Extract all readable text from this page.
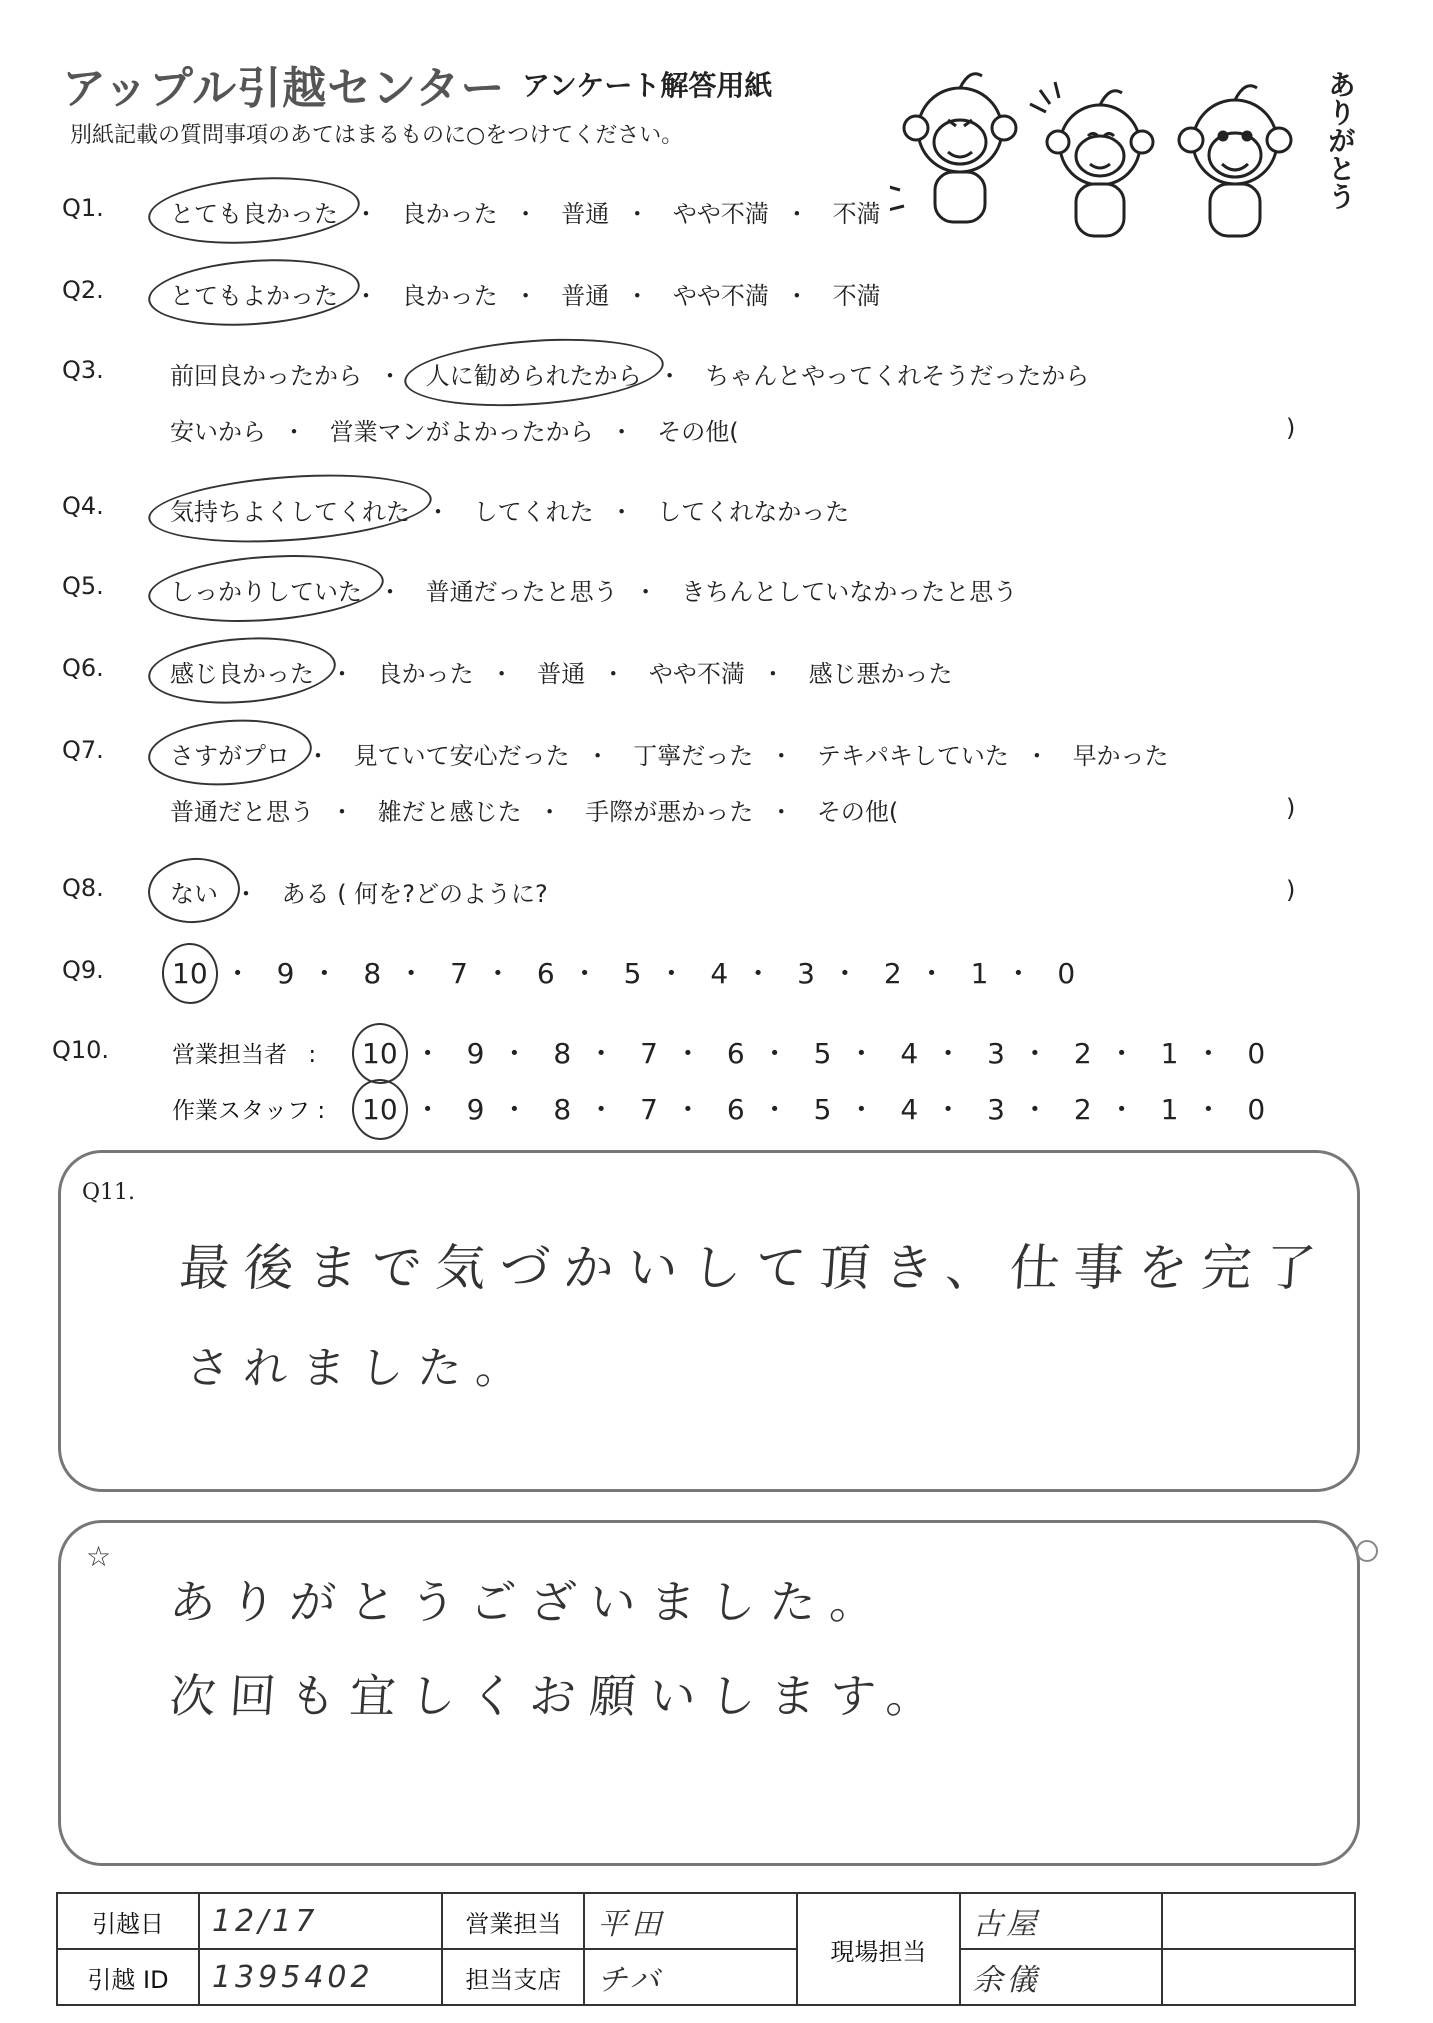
アップル引越センター アンケート解答用紙
別紙記載の質問事項のあてはまるものに○をつけてください。	ありがとう
Q1.	とても良かった ・ 良かった ・ 普通 ・ やや不満 ・ 不満
Q2.	とてもよかった ・ 良かった ・ 普通 ・ やや不満 ・ 不満
Q3.	前回良かったから ・ 人に勧められたから ・ ちゃんとやってくれそうだったから
安いから ・ 営業マンがよかったから ・ その他(	)
Q4.	気持ちよくしてくれた ・ してくれた ・ してくれなかった
Q5.	しっかりしていた ・ 普通だったと思う ・ きちんとしていなかったと思う
Q6.	感じ良かった ・ 良かった ・ 普通 ・ やや不満 ・ 感じ悪かった
Q7.	さすがプロ ・ 見ていて安心だった ・ 丁寧だった ・ テキパキしていた ・ 早かった
普通だと思う ・ 雑だと感じた ・ 手際が悪かった ・ その他(	)
Q8.	ない ・ ある ( 何を?どのように?	)
Q9. 10 ・ 9 ・ 8 ・ 7 ・ 6 ・ 5 ・ 4 ・ 3 ・ 2 ・ 1 ・ 0
Q10.	営業担当者 : 10 ・ 9 ・ 8 ・ 7 ・ 6 ・ 5 ・ 4 ・ 3 ・ 2 ・ 1 ・ 0
作業スタッフ : 10 ・ 9 ・ 8 ・ 7 ・ 6 ・ 5 ・ 4 ・ 3 ・ 2 ・ 1 ・ 0
Q11.
最後まで気づかいして頂き、仕事を完了
されました。
☆
ありがとうございました。
次回も宜しくお願いします。
引越日	12/17	営業担当	平田	現場担当	古屋	
引越 ID	1395402	担当支店	チバ		余儀	
